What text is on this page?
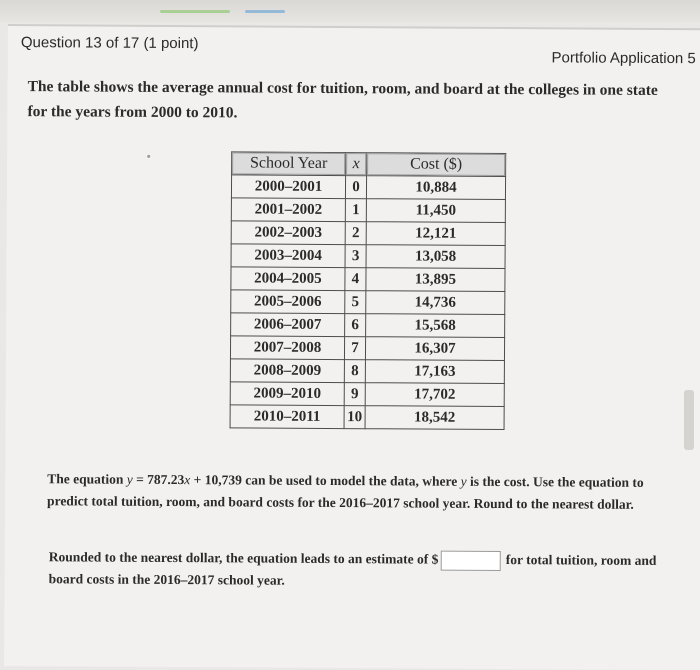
Question 13 of 17 (1 point)
Portfolio Application 5
The table shows the average annual cost for tuition, room, and board at the colleges in one state for the years from 2000 to 2010.
School Year	x	Cost ($)
2000–2001	0	10,884
2001–2002	1	11,450
2002–2003	2	12,121
2003–2004	3	13,058
2004–2005	4	13,895
2005–2006	5	14,736
2006–2007	6	15,568
2007–2008	7	16,307
2008–2009	8	17,163
2009–2010	9	17,702
2010–2011	10	18,542
The equation y = 787.23x + 10,739 can be used to model the data, where y is the cost. Use the equation to predict total tuition, room, and board costs for the 2016–2017 school year. Round to the nearest dollar.
Rounded to the nearest dollar, the equation leads to an estimate of $	for total tuition, room and board costs in the 2016–2017 school year.
